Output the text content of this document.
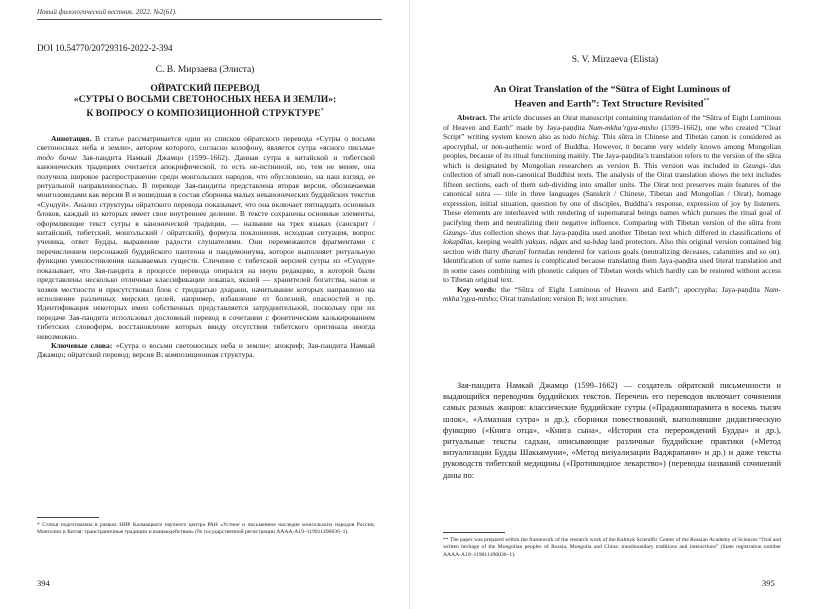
Новый филологический вестник. 2022. №2(61).
DOI 10.54770/20729316-2022-2-394
С. В. Мирзаева (Элиста)
ОЙРАТСКИЙ ПЕРЕВОД
«СУТРЫ О ВОСЬМИ СВЕТОНОСНЫХ НЕБА И ЗЕМЛИ»:
К ВОПРОСУ О КОМПОЗИЦИОННОЙ СТРУКТУРЕ*

Аннотация. В статье рассматривается один из списков ойратского перевода «Сутры о восьми светоносных неба и земли», автором которого, согласно колофону, является сутра «ясного письма» тодо бичиг Зая-пандита Намкай Джамцо (1599–1662). Данная сутра в китайской и тибетской канонических традициях считается апокрифической, то есть не-истинной, но, тем не менее, она получила широкое распространение среди монгольских народов, что обусловлено, на наш взгляд, ее ритуальной направленностью. В переводе Зая-пандиты представлена вторая версия, обозначаемая монголоведами как версия B и вошедшая в состав сборника малых неканонических буддийских текстов «Сундуй». Анализ структуры ойратского перевода показывает, что она включает пятнадцать основных блоков, каждый из которых имеет свое внутреннее деление. В тексте сохранены основные элементы, оформляющие текст сутры в канонической традиции, — название на трех языках (санскрит / китайский, тибетский, монгольский / ойратский), формула поклонения, исходная ситуация, вопрос ученика, ответ Будды, выражение радости слушателями. Они перемежаются фрагментами с перечислением персонажей буддийского пантеона и пандемониума, которое выполняет ритуальную функцию умилостивления называемых существ. Сличение с тибетской версией сутры из «Сундуя» показывает, что Зая-пандита в процессе перевода опирался на иную редакцию, в которой были представлены несколько отличные классификации локапал, якшей — хранителей богатства, нагов и хозяев местности и присутствовал блок с тридцатью дхарани, начитывание которых направлено на исполнение различных мирских целей, например, избавление от болезней, опасностей и пр. Идентификация некоторых имен собственных представляется затруднительной, поскольку при их передаче Зая-пандита использовал дословный перевод в сочетании с фонетическим калькированием тибетских словоформ, восстановление которых ввиду отсутствия тибетского оригинала иногда невозможно.

Ключевые слова: «Сутра о восьми светоносных неба и земли»; апокриф; Зая-пандита Намкай Джамцо; ойратский перевод; версия B; композиционная структура.

* Статья подготовлена в рамках НИР Калмыцкого научного центра РАН «Устное и письменное наследие монгольских народов России, Монголии и Китая: трансграничные традиции и взаимодействия» (№ государственной регистрации АААА-А19–119011490036–1).
394
S. V. Mirzaeva (Elista)
An Oirat Translation of the “Sūtra of Eight Luminous of
Heaven and Earth”: Text Structure Revisited**

Abstract. The article discusses an Oirat manuscript containing translation of the “Sūtra of Eight Luminous of Heaven and Earth” made by Jaya-paṇḍita Nam-mkha’rgya-mtsho (1599–1662), one who created “Clear Script” writing system known also as todo bichig. This sūtra in Chinese and Tibetan canon is considered as apocryphal, or non-authentic word of Buddha. However, it became very widely known among Mongolian peoples, because of its ritual functioning mainly. The Jaya-paṇḍita’s translation refers to the version of the sūtra which is designated by Mongolian researchers as version B. This version was included in Gzungs-’dus collection of small non-canonical Buddhist texts. The analysis of the Oirat translation shows the text includes fifteen sections, each of them sub-dividing into smaller units. The Oirat text preserves main features of the canonical sutra — title in three languages (Sanskrit / Chinese, Tibetan and Mongolian / Oirat), homage expression, initial situation, question by one of disciples, Buddha’s response, expression of joy by listeners. These elements are interleaved with rendering of supernatural beings names which pursues the ritual goal of pacifying them and neutralizing their negative influence. Comparing with Tibetan version of the sūtra from Gzungs-’dus collection shows that Jaya-paṇḍita used another Tibetan text which differed in classifications of lokapālas, keeping wealth yakṣas, nāgas and sa-bdag land protectors. Also this original version contained big section with thirty dharaṇī formulas rendered for various goals (neutralizing deceases, calamities and so on). Identification of some names is complicated because translating them Jaya-paṇḍita used literal translation and in some cases combining with phonetic calques of Tibetan words which hardly can be restored without access to Tibetan original text.

Key words: the “Sūtra of Eight Luminous of Heaven and Earth”; apocrypha; Jaya-paṇḍita Nam-mkha’rgya-mtsho; Oirat translation; version B; text structure.

Зая-пандита Намкай Джамцо (1599–1662) — создатель ойратской письменности и выдающийся переводчик буддийских текстов. Перечень его переводов включает сочинения самых разных жанров: классические буддийские сутры («Праджняпарамита в восемь тысяч шлок», «Алмазная сутра» и др.), сборники повествований, выполнявшие дидактическую функцию («Книга отца», «Книга сына», «История ста перерождений Будды» и др.), ритуальные тексты садхан, описывающие различные буддийские практики («Метод визуализации Будды Шакьямуни», «Метод визуализации Ваджрапани» и др.) и даже тексты руководств тибетской медицины («Противоядное лекарство») (переводы названий сочинений даны по:

** The paper was prepared within the framework of the research work of the Kalmyk Scientific Center of the Russian Academy of Sciences “Oral and written heritage of the Mongolian peoples of Russia, Mongolia and China: transboundary traditions and interactions” (State registration number АААА-А19–119011490036–1).
395
